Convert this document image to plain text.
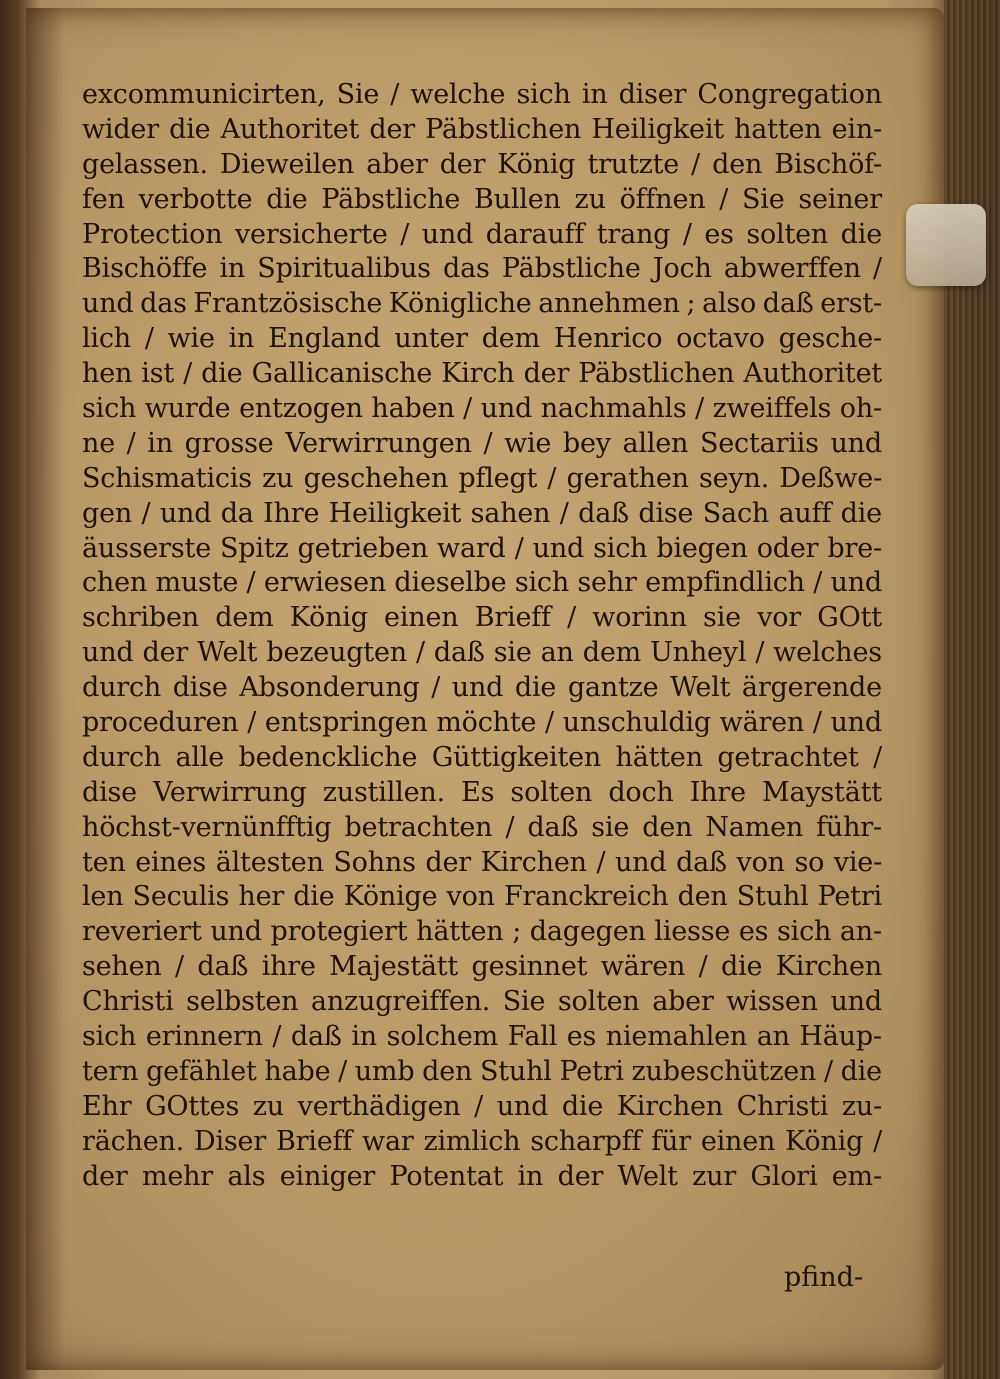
excommunicirten, Sie / welche sich in diser Congregation
wider die Authoritet der Päbstlichen Heiligkeit hatten ein-
gelassen. Dieweilen aber der König trutzte / den Bischöf-
fen verbotte die Päbstliche Bullen zu öffnen / Sie seiner
Protection versicherte / und darauff trang / es solten die
Bischöffe in Spiritualibus das Päbstliche Joch abwerffen /
und das Frantzösische Königliche annehmen ; also daß erst-
lich / wie in England unter dem Henrico octavo gesche-
hen ist / die Gallicanische Kirch der Päbstlichen Authoritet
sich wurde entzogen haben / und nachmahls / zweiffels oh-
ne / in grosse Verwirrungen / wie bey allen Sectariis und
Schismaticis zu geschehen pflegt / gerathen seyn. Deßwe-
gen / und da Ihre Heiligkeit sahen / daß dise Sach auff die
äusserste Spitz getrieben ward / und sich biegen oder bre-
chen muste / erwiesen dieselbe sich sehr empfindlich / und
schriben dem König einen Brieff / worinn sie vor GOtt
und der Welt bezeugten / daß sie an dem Unheyl / welches
durch dise Absonderung / und die gantze Welt ärgerende
proceduren / entspringen möchte / unschuldig wären / und
durch alle bedenckliche Güttigkeiten hätten getrachtet /
dise Verwirrung zustillen. Es solten doch Ihre Maystätt
höchst-vernünfftig betrachten / daß sie den Namen führ-
ten eines ältesten Sohns der Kirchen / und daß von so vie-
len Seculis her die Könige von Franckreich den Stuhl Petri
reveriert und protegiert hätten ; dagegen liesse es sich an-
sehen / daß ihre Majestätt gesinnet wären / die Kirchen
Christi selbsten anzugreiffen. Sie solten aber wissen und
sich erinnern / daß in solchem Fall es niemahlen an Häup-
tern gefählet habe / umb den Stuhl Petri zubeschützen / die
Ehr GOttes zu verthädigen / und die Kirchen Christi zu-
rächen. Diser Brieff war zimlich scharpff für einen König /
der mehr als einiger Potentat in der Welt zur Glori em-
pfind-
